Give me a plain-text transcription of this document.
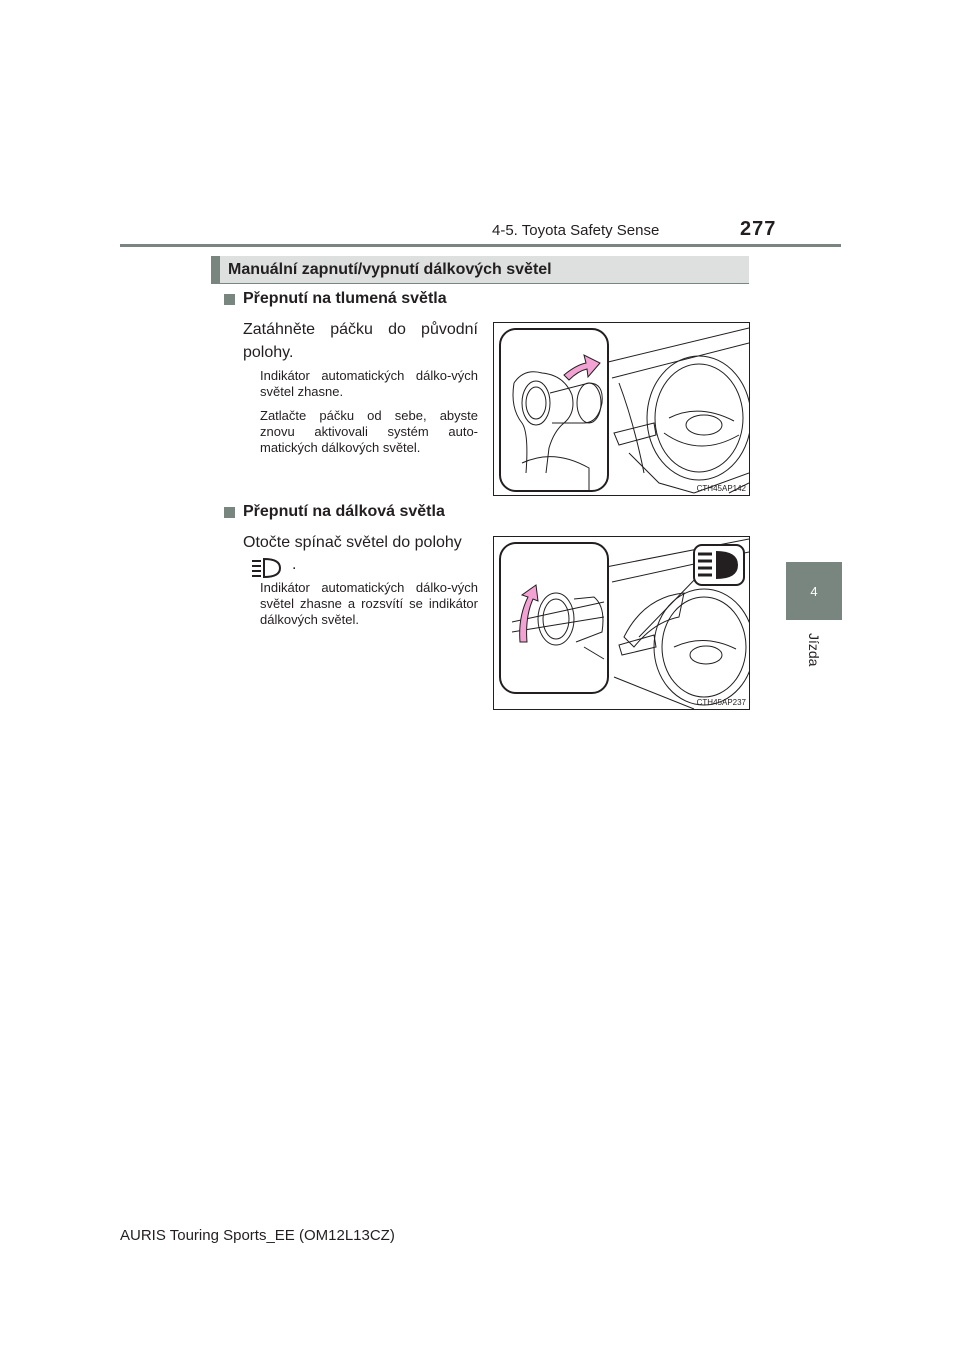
4-5. Toyota Safety Sense	277
4
Jízda
Manuální zapnutí/vypnutí dálkových světel
Přepnutí na tlumená světla
Zatáhněte páčku do původní polohy.
Indikátor automatických dálko-vých světel zhasne.
Zatlačte páčku od sebe, abyste znovu aktivovali systém auto-matických dálkových světel.
CTH45AP142
Přepnutí na dálková světla
Otočte spínač světel do polohy
.
Indikátor automatických dálko-vých světel zhasne a rozsvítí se indikátor dálkových světel.
CTH45AP237
AURIS Touring Sports_EE (OM12L13CZ)
